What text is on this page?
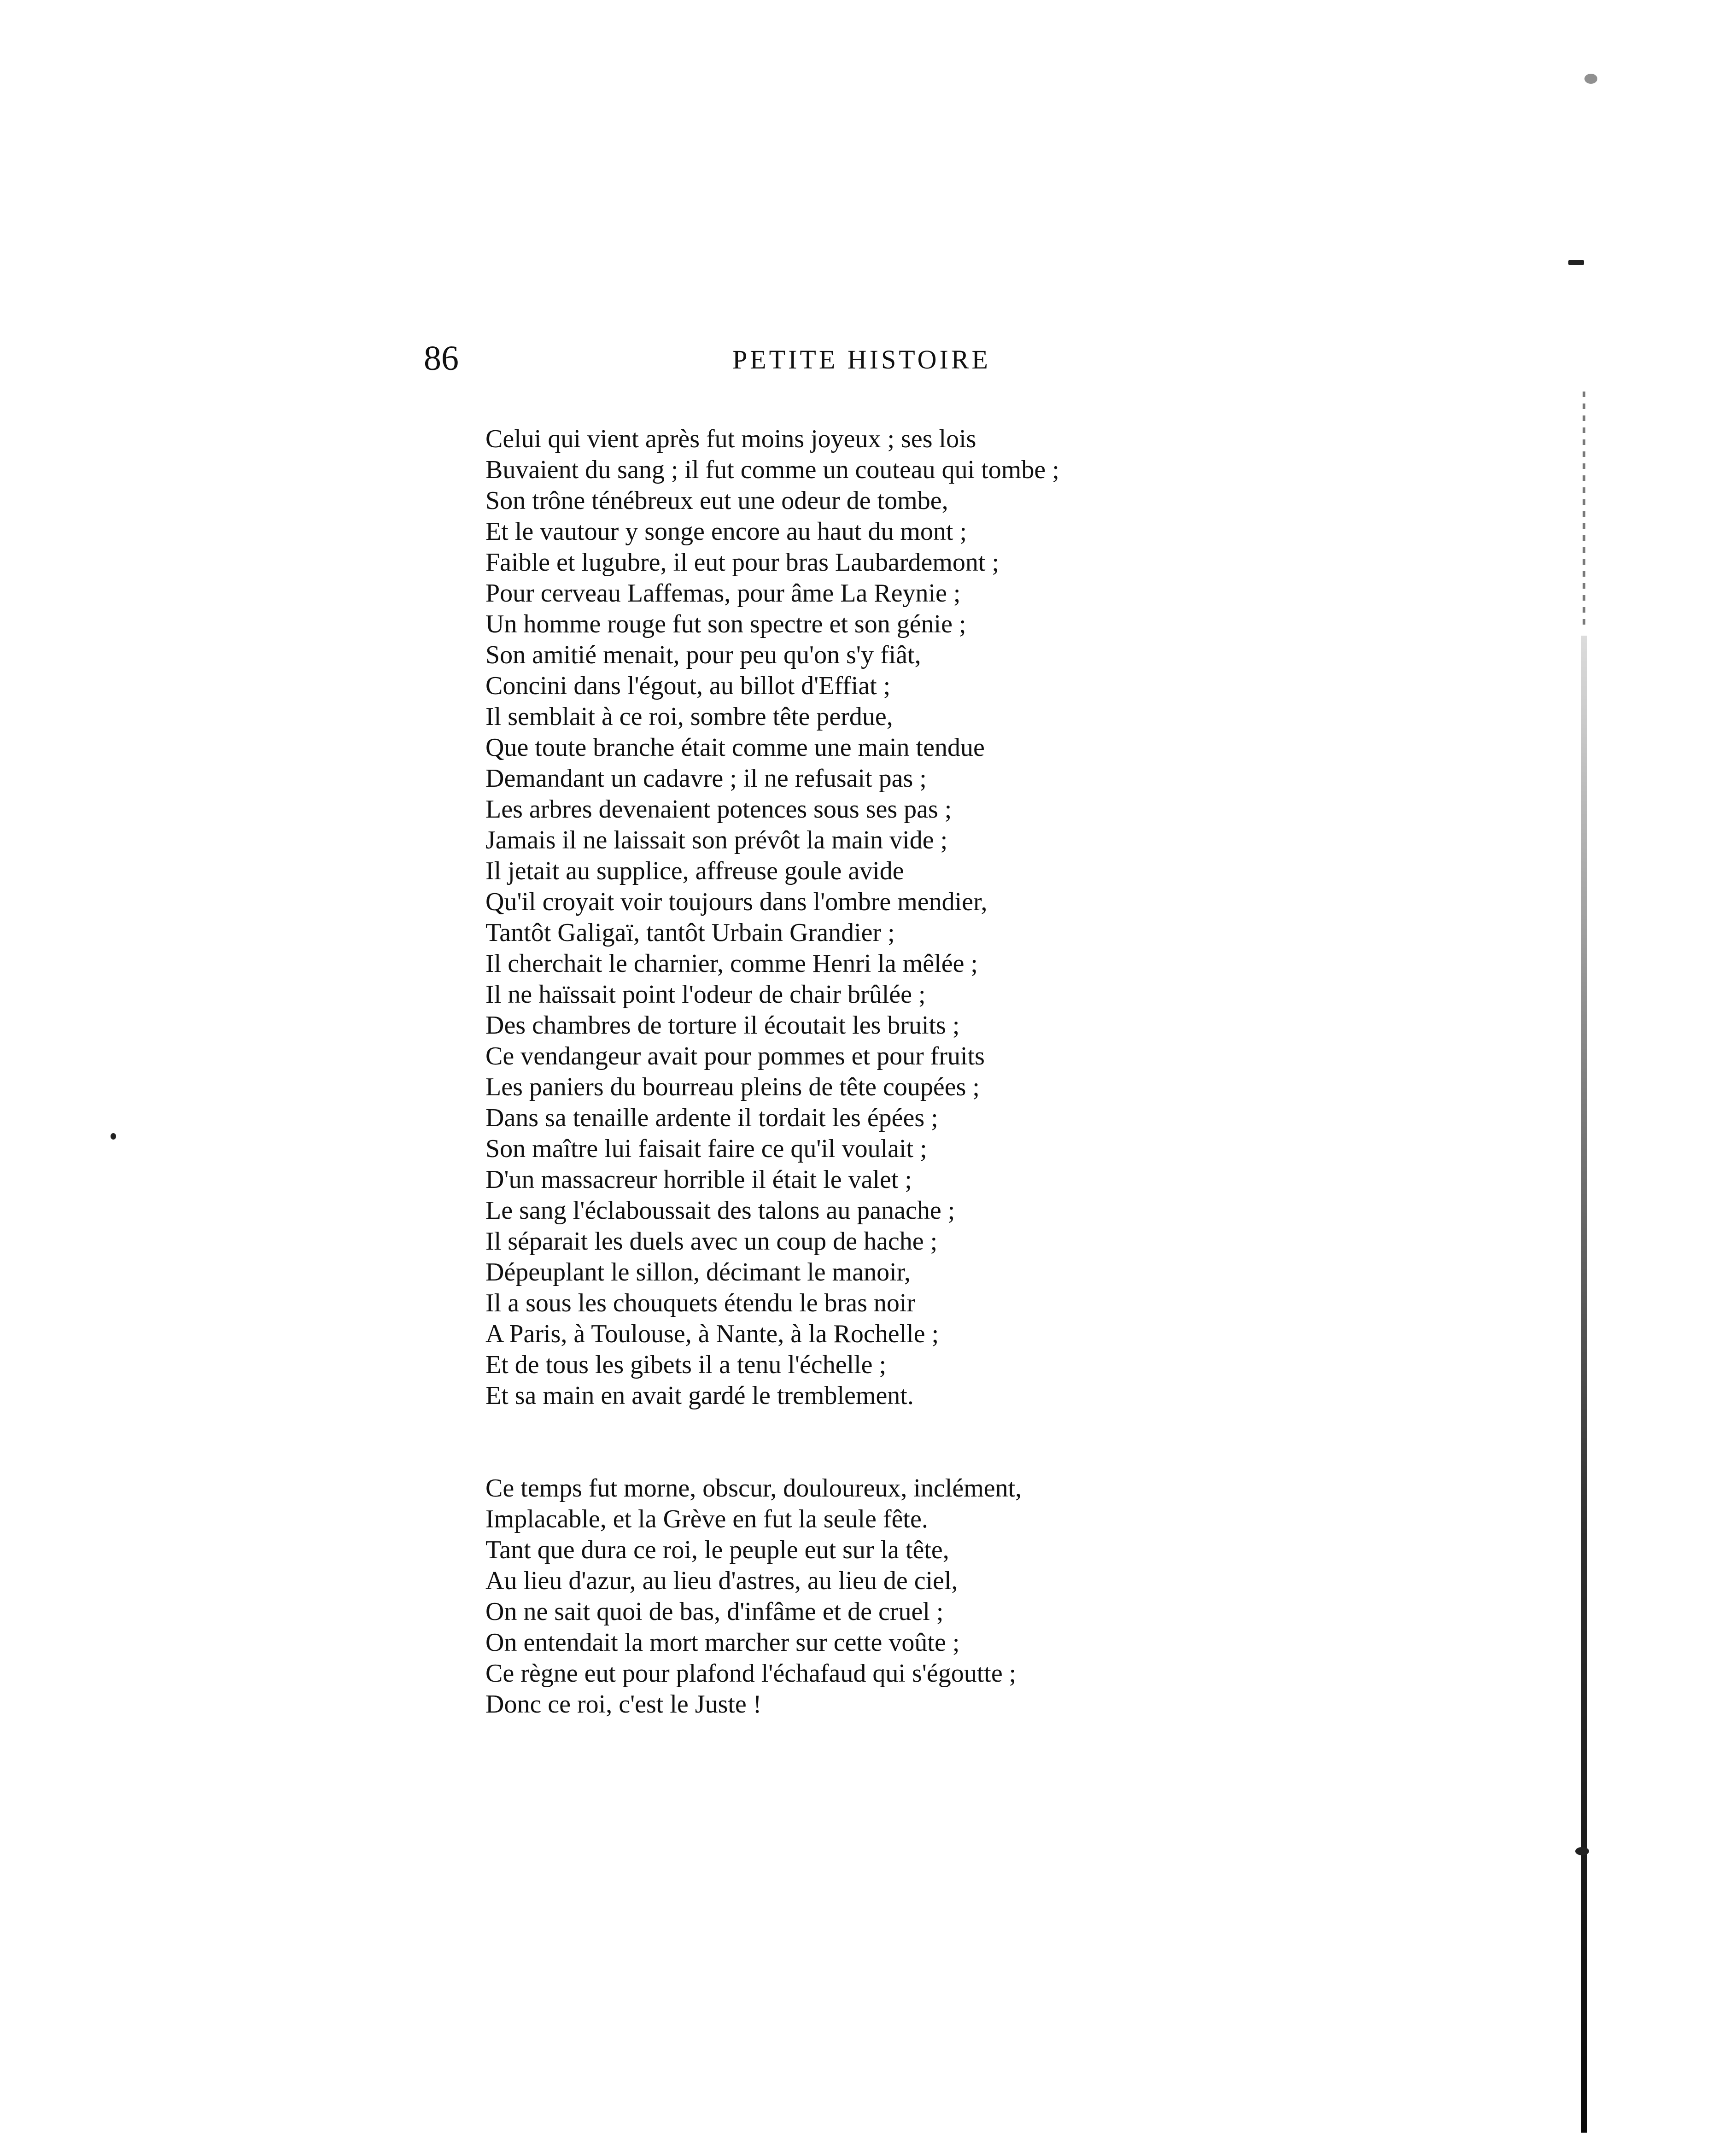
86	PETITE HISTOIRE
Celui qui vient après fut moins joyeux ; ses lois
Buvaient du sang ; il fut comme un couteau qui tombe ;
Son trône ténébreux eut une odeur de tombe,
Et le vautour y songe encore au haut du mont ;
Faible et lugubre, il eut pour bras Laubardemont ;
Pour cerveau Laffemas, pour âme La Reynie ;
Un homme rouge fut son spectre et son génie ;
Son amitié menait, pour peu qu'on s'y fiât,
Concini dans l'égout, au billot d'Effiat ;
Il semblait à ce roi, sombre tête perdue,
Que toute branche était comme une main tendue
Demandant un cadavre ; il ne refusait pas ;
Les arbres devenaient potences sous ses pas ;
Jamais il ne laissait son prévôt la main vide ;
Il jetait au supplice, affreuse goule avide
Qu'il croyait voir toujours dans l'ombre mendier,
Tantôt Galigaï, tantôt Urbain Grandier ;
Il cherchait le charnier, comme Henri la mêlée ;
Il ne haïssait point l'odeur de chair brûlée ;
Des chambres de torture il écoutait les bruits ;
Ce vendangeur avait pour pommes et pour fruits
Les paniers du bourreau pleins de tête coupées ;
Dans sa tenaille ardente il tordait les épées ;
Son maître lui faisait faire ce qu'il voulait ;
D'un massacreur horrible il était le valet ;
Le sang l'éclaboussait des talons au panache ;
Il séparait les duels avec un coup de hache ;
Dépeuplant le sillon, décimant le manoir,
Il a sous les chouquets étendu le bras noir
A Paris, à Toulouse, à Nante, à la Rochelle ;
Et de tous les gibets il a tenu l'échelle ;
Et sa main en avait gardé le tremblement.
Ce temps fut morne, obscur, douloureux, inclément,
Implacable, et la Grève en fut la seule fête.
Tant que dura ce roi, le peuple eut sur la tête,
Au lieu d'azur, au lieu d'astres, au lieu de ciel,
On ne sait quoi de bas, d'infâme et de cruel ;
On entendait la mort marcher sur cette voûte ;
Ce règne eut pour plafond l'échafaud qui s'égoutte ;
Donc ce roi, c'est le Juste !
